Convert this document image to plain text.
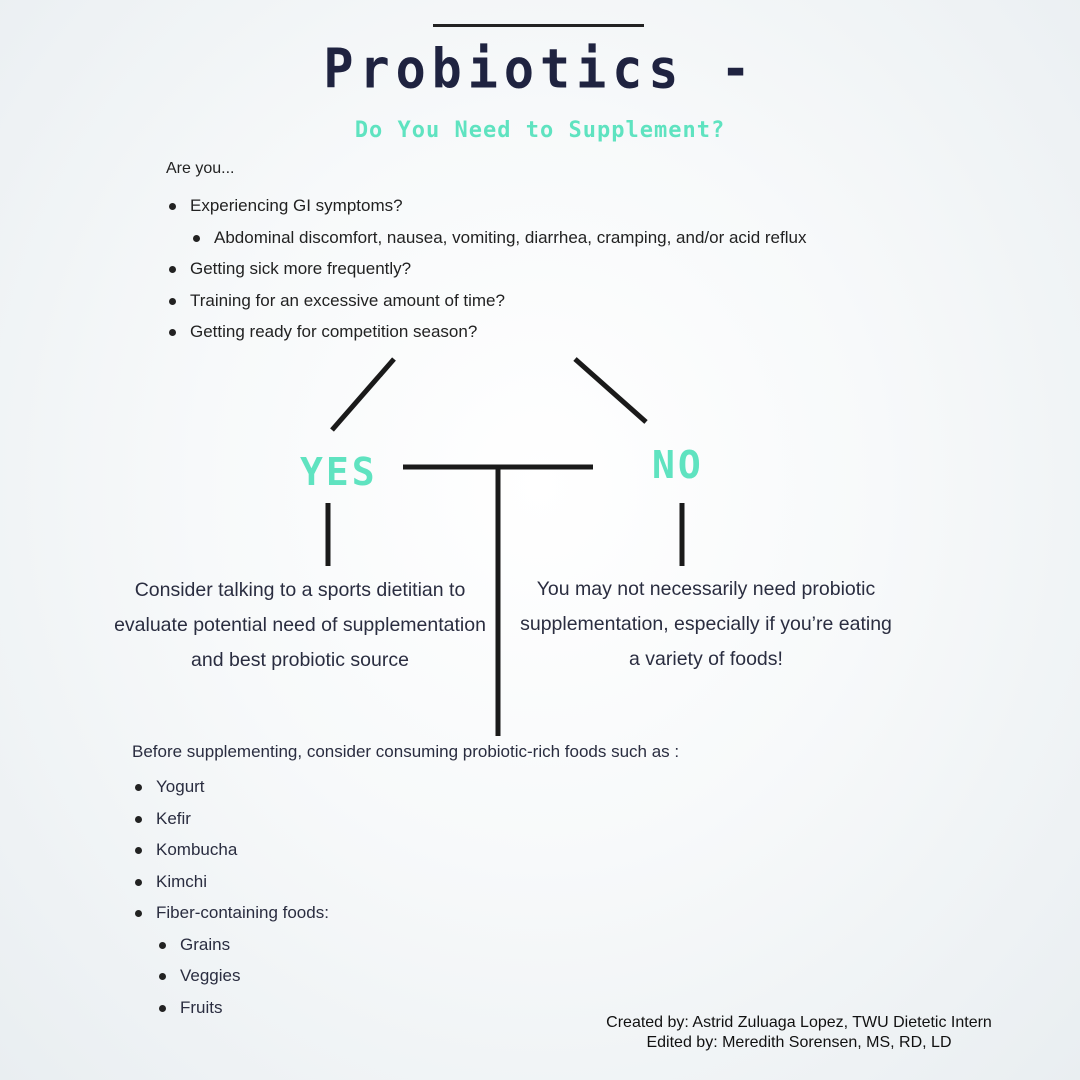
Probiotics -
Do You Need to Supplement?
Are you...
Experiencing GI symptoms?
Abdominal discomfort, nausea, vomiting, diarrhea, cramping, and/or acid reflux
Getting sick more frequently?
Training for an excessive amount of time?
Getting ready for competition season?
YES	NO
Consider talking to a sports dietitian to evaluate potential need of supplementation and best probiotic source
You may not necessarily need probiotic supplementation, especially if you’re eating a variety of foods!
Before supplementing, consider consuming probiotic-rich foods such as :
Yogurt
Kefir
Kombucha
Kimchi
Fiber-containing foods:
Grains
Veggies
Fruits
Created by: Astrid Zuluaga Lopez, TWU Dietetic Intern
Edited by: Meredith Sorensen, MS, RD, LD
